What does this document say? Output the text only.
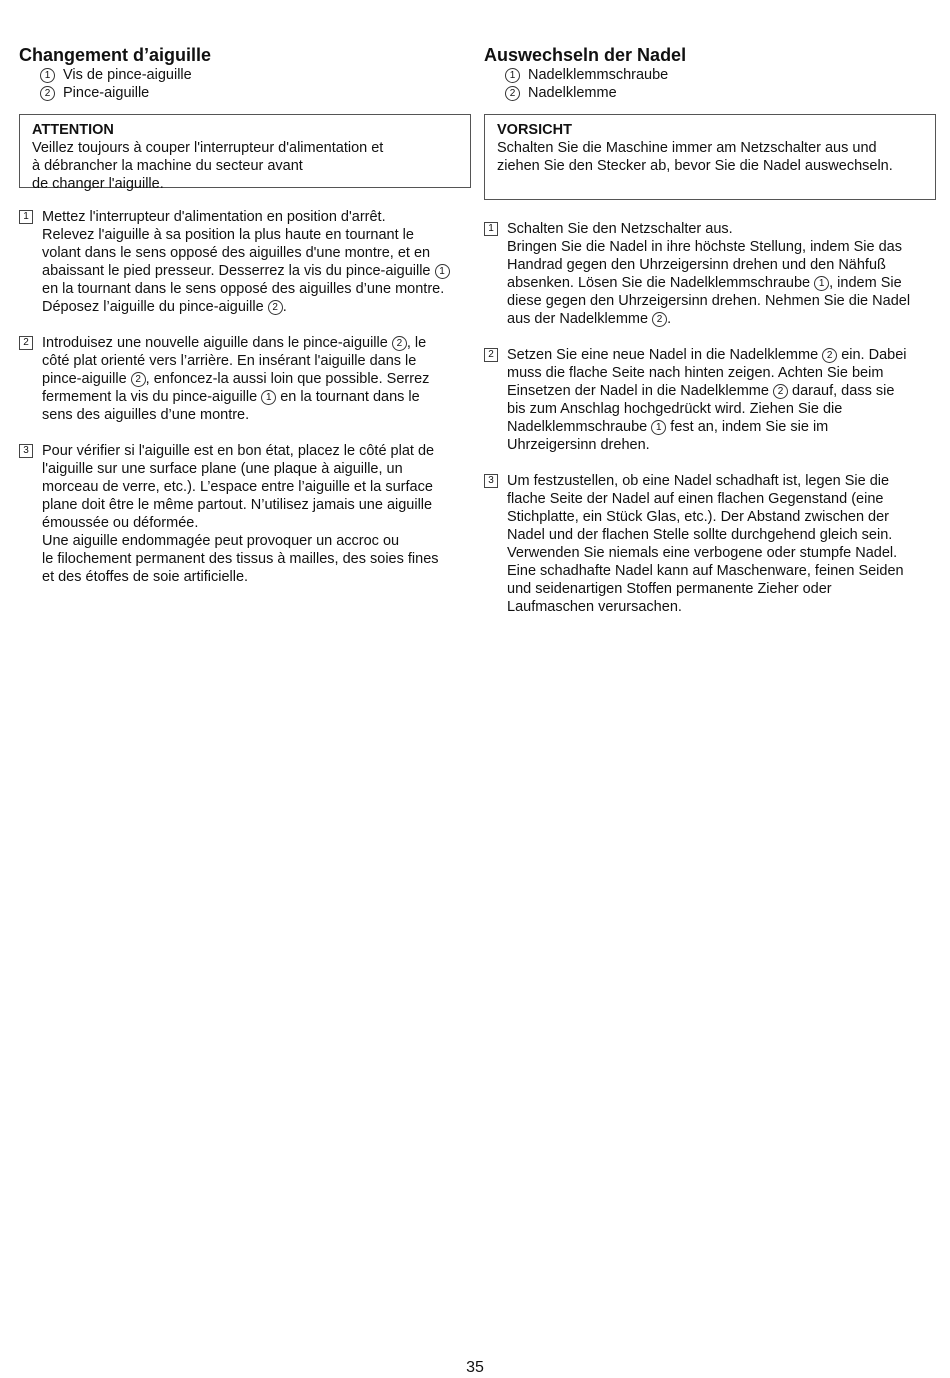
Changement d’aiguille
1 Vis de pince-aiguille
2 Pince-aiguille
ATTENTION
Veillez toujours à couper l'interrupteur d'alimentation et
à débrancher la machine du secteur avant
de changer l'aiguille.
1 Mettez l'interrupteur d'alimentation en position d'arrêt.
Relevez l'aiguille à sa position la plus haute en tournant le
volant dans le sens opposé des aiguilles d'une montre, et en
abaissant le pied presseur. Desserrez la vis du pince-aiguille 1
en la tournant dans le sens opposé des aiguilles d’une montre.
Déposez l’aiguille du pince-aiguille 2 .
2 Introduisez une nouvelle aiguille dans le pince-aiguille 2 , le
côté plat orienté vers l’arrière. En insérant l'aiguille dans le
pince-aiguille 2 , enfoncez-la aussi loin que possible. Serrez
fermement la vis du pince-aiguille 1 en la tournant dans le
sens des aiguilles d’une montre.
3 Pour vérifier si l'aiguille est en bon état, placez le côté plat de
l'aiguille sur une surface plane (une plaque à aiguille, un
morceau de verre, etc.). L’espace entre l’aiguille et la surface
plane doit être le même partout. N’utilisez jamais une aiguille
émoussée ou déformée.
Une aiguille endommagée peut provoquer un accroc ou
le filochement permanent des tissus à mailles, des soies fines
et des étoffes de soie artificielle.
Auswechseln der Nadel
1 Nadelklemmschraube
2 Nadelklemme
VORSICHT
Schalten Sie die Maschine immer am Netzschalter aus und
ziehen Sie den Stecker ab, bevor Sie die Nadel auswechseln.
1 Schalten Sie den Netzschalter aus.
Bringen Sie die Nadel in ihre höchste Stellung, indem Sie das
Handrad gegen den Uhrzeigersinn drehen und den Nähfuß
absenken. Lösen Sie die Nadelklemmschraube 1 , indem Sie
diese gegen den Uhrzeigersinn drehen. Nehmen Sie die Nadel
aus der Nadelklemme 2 .
2 Setzen Sie eine neue Nadel in die Nadelklemme 2 ein. Dabei
muss die flache Seite nach hinten zeigen. Achten Sie beim
Einsetzen der Nadel in die Nadelklemme 2 darauf, dass sie
bis zum Anschlag hochgedrückt wird. Ziehen Sie die
Nadelklemmschraube 1 fest an, indem Sie sie im
Uhrzeigersinn drehen.
3 Um festzustellen, ob eine Nadel schadhaft ist, legen Sie die
flache Seite der Nadel auf einen flachen Gegenstand (eine
Stichplatte, ein Stück Glas, etc.). Der Abstand zwischen der
Nadel und der flachen Stelle sollte durchgehend gleich sein.
Verwenden Sie niemals eine verbogene oder stumpfe Nadel.
Eine schadhafte Nadel kann auf Maschenware, feinen Seiden
und seidenartigen Stoffen permanente Zieher oder
Laufmaschen verursachen.
35
